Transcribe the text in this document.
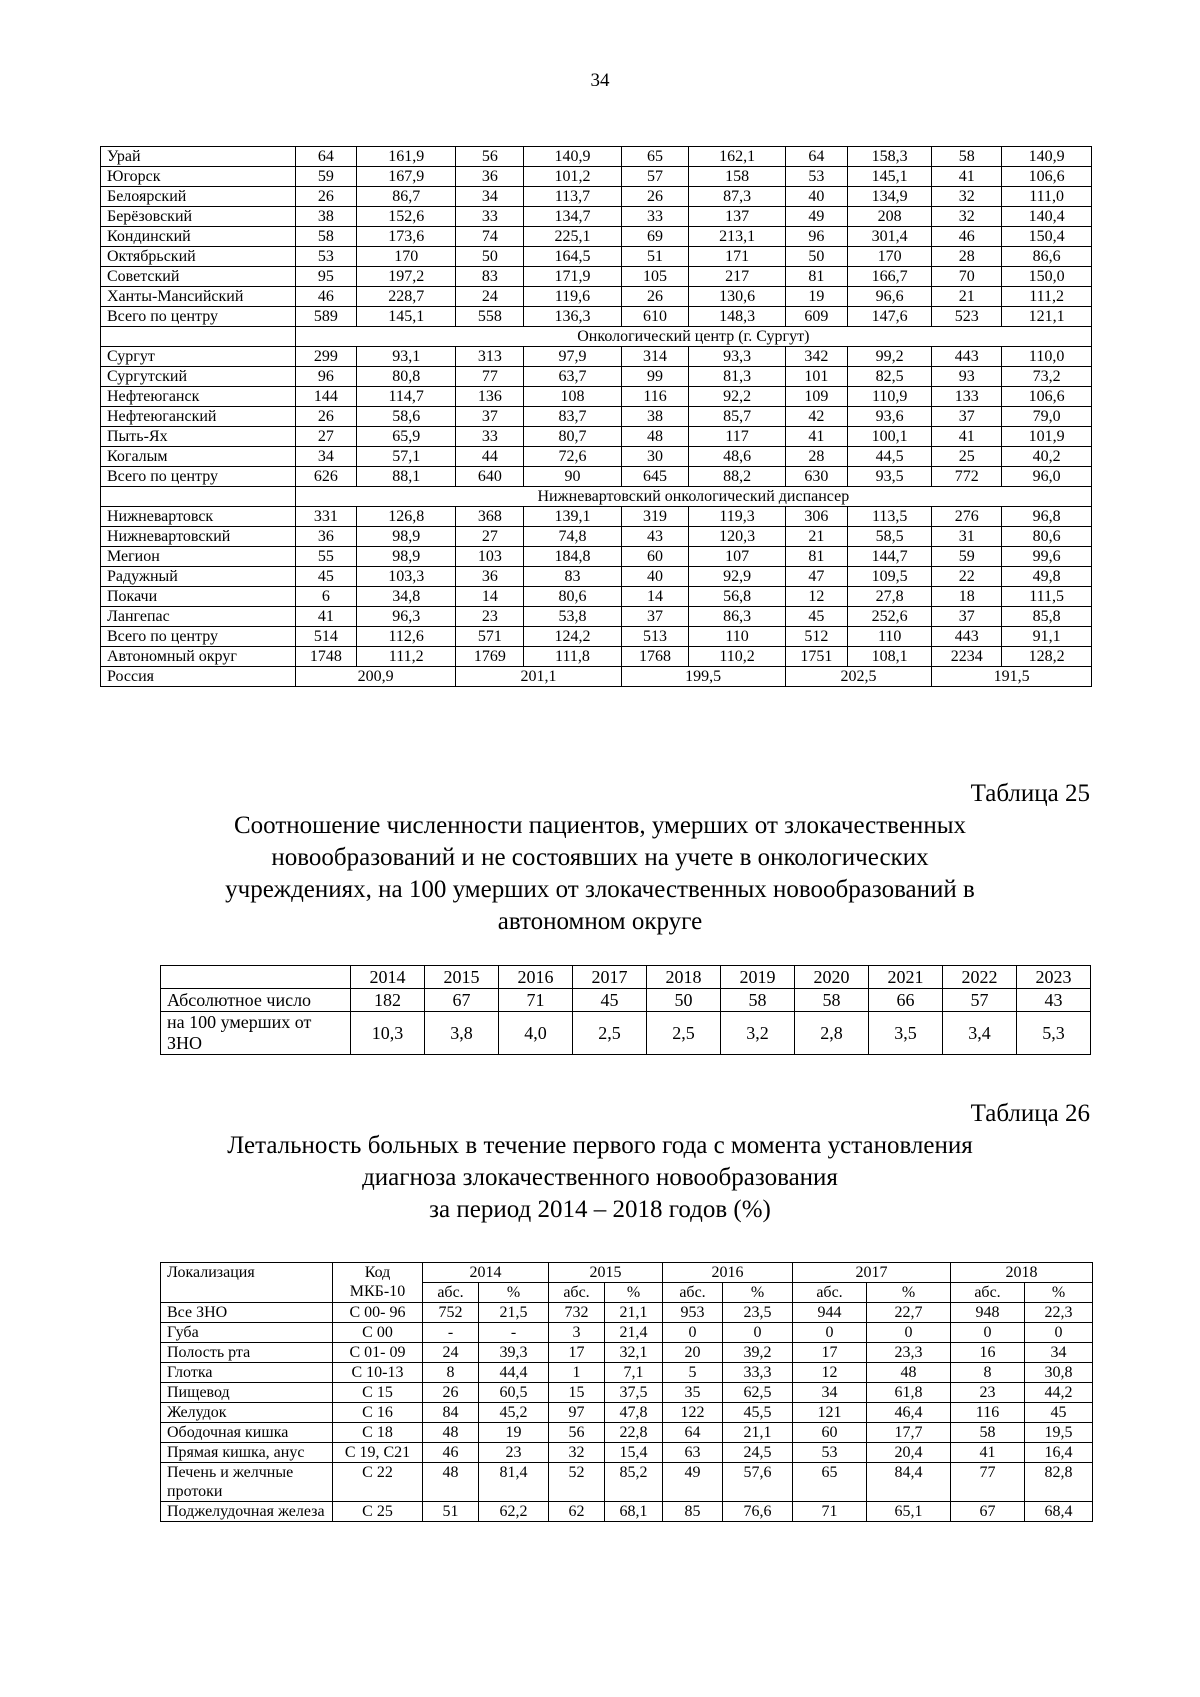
34
Урай	64	161,9	56	140,9	65	162,1	64	158,3	58	140,9
Югорск	59	167,9	36	101,2	57	158	53	145,1	41	106,6
Белоярский	26	86,7	34	113,7	26	87,3	40	134,9	32	111,0
Берёзовский	38	152,6	33	134,7	33	137	49	208	32	140,4
Кондинский	58	173,6	74	225,1	69	213,1	96	301,4	46	150,4
Октябрьский	53	170	50	164,5	51	171	50	170	28	86,6
Советский	95	197,2	83	171,9	105	217	81	166,7	70	150,0
Ханты-Мансийский	46	228,7	24	119,6	26	130,6	19	96,6	21	111,2
Всего по центру	589	145,1	558	136,3	610	148,3	609	147,6	523	121,1
	Онкологический центр (г. Сургут)									
Сургут	299	93,1	313	97,9	314	93,3	342	99,2	443	110,0
Сургутский	96	80,8	77	63,7	99	81,3	101	82,5	93	73,2
Нефтеюганск	144	114,7	136	108	116	92,2	109	110,9	133	106,6
Нефтеюганский	26	58,6	37	83,7	38	85,7	42	93,6	37	79,0
Пыть-Ях	27	65,9	33	80,7	48	117	41	100,1	41	101,9
Когалым	34	57,1	44	72,6	30	48,6	28	44,5	25	40,2
Всего по центру	626	88,1	640	90	645	88,2	630	93,5	772	96,0
	Нижневартовский онкологический диспансер									
Нижневартовск	331	126,8	368	139,1	319	119,3	306	113,5	276	96,8
Нижневартовский	36	98,9	27	74,8	43	120,3	21	58,5	31	80,6
Мегион	55	98,9	103	184,8	60	107	81	144,7	59	99,6
Радужный	45	103,3	36	83	40	92,9	47	109,5	22	49,8
Покачи	6	34,8	14	80,6	14	56,8	12	27,8	18	111,5
Лангепас	41	96,3	23	53,8	37	86,3	45	252,6	37	85,8
Всего по центру	514	112,6	571	124,2	513	110	512	110	443	91,1
Автономный округ	1748	111,2	1769	111,8	1768	110,2	1751	108,1	2234	128,2
Россия	200,9		201,1		199,5		202,5		191,5	
Таблица 25
Соотношение численности пациентов, умерших от злокачественных
новообразований и не состоявших на учете в онкологических
учреждениях, на 100 умерших от злокачественных новообразований в
автономном округе
	2014	2015	2016	2017	2018	2019	2020	2021	2022	2023
Абсолютное число	182	67	71	45	50	58	58	66	57	43
на 100 умерших от ЗНО	10,3	3,8	4,0	2,5	2,5	3,2	2,8	3,5	3,4	5,3
Таблица 26
Летальность больных в течение первого года с момента установления
диагноза злокачественного новообразования
за период 2014 – 2018 годов (%)
Локализация	Код МКБ-10	2014		2015		2016		2017		2018	
		абс.	%	абс.	%	абс.	%	абс.	%	абс.	%
Все ЗНО	С 00- 96	752	21,5	732	21,1	953	23,5	944	22,7	948	22,3
Губа	С 00	-	-	3	21,4	0	0	0	0	0	0
Полость рта	С 01- 09	24	39,3	17	32,1	20	39,2	17	23,3	16	34
Глотка	С 10-13	8	44,4	1	7,1	5	33,3	12	48	8	30,8
Пищевод	С 15	26	60,5	15	37,5	35	62,5	34	61,8	23	44,2
Желудок	С 16	84	45,2	97	47,8	122	45,5	121	46,4	116	45
Ободочная кишка	С 18	48	19	56	22,8	64	21,1	60	17,7	58	19,5
Прямая кишка, анус	С 19, С21	46	23	32	15,4	63	24,5	53	20,4	41	16,4
Печень и желчные протоки	С 22	48	81,4	52	85,2	49	57,6	65	84,4	77	82,8
Поджелудочная железа	С 25	51	62,2	62	68,1	85	76,6	71	65,1	67	68,4
